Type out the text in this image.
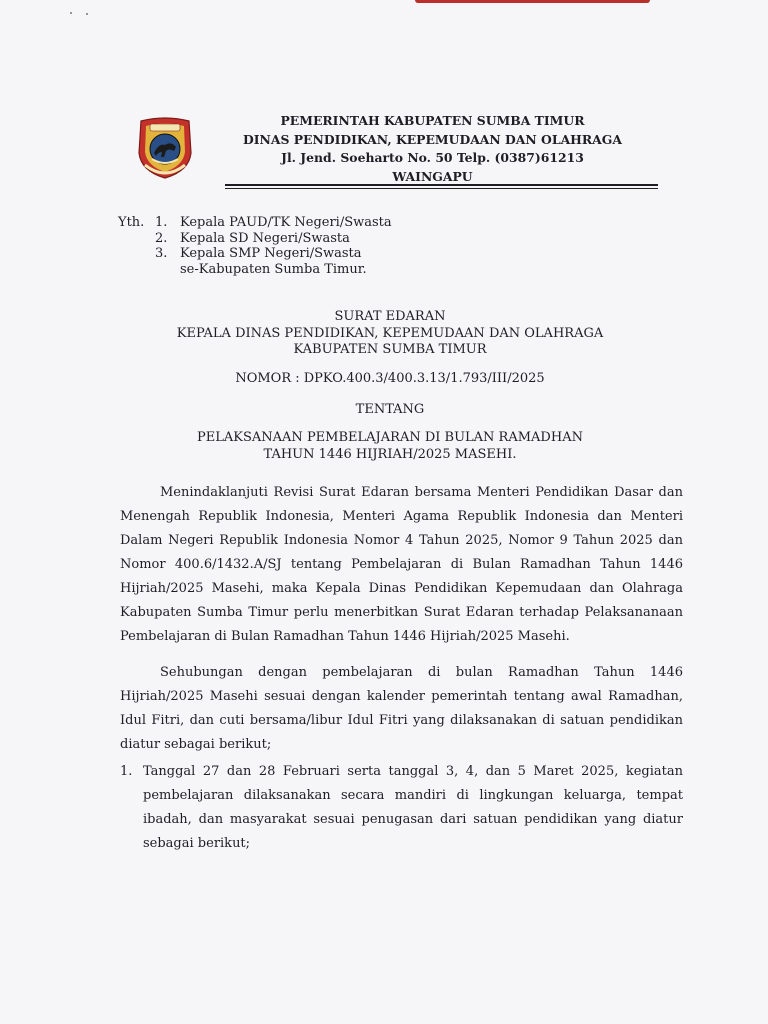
PEMERINTAH KABUPATEN SUMBA TIMUR
DINAS PENDIDIKAN, KEPEMUDAAN DAN OLAHRAGA
Jl. Jend. Soeharto No. 50 Telp. (0387)61213
WAINGAPU
Yth. 1. Kepala PAUD/TK Negeri/Swasta
2. Kepala SD Negeri/Swasta
3. Kepala SMP Negeri/Swasta
se-Kabupaten Sumba Timur.
SURAT EDARAN
KEPALA DINAS PENDIDIKAN, KEPEMUDAAN DAN OLAHRAGA
KABUPATEN SUMBA TIMUR
NOMOR : DPKO.400.3/400.3.13/1.793/III/2025
TENTANG
PELAKSANAAN PEMBELAJARAN DI BULAN RAMADHAN
TAHUN 1446 HIJRIAH/2025 MASEHI.

Menindaklanjuti Revisi Surat Edaran bersama Menteri Pendidikan Dasar dan Menengah Republik Indonesia, Menteri Agama Republik Indonesia dan Menteri Dalam Negeri Republik Indonesia Nomor 4 Tahun 2025, Nomor 9 Tahun 2025 dan Nomor 400.6/1432.A/SJ tentang Pembelajaran di Bulan Ramadhan Tahun 1446 Hijriah/2025 Masehi, maka Kepala Dinas Pendidikan Kepemudaan dan Olahraga Kabupaten Sumba Timur perlu menerbitkan Surat Edaran terhadap Pelaksananaan Pembelajaran di Bulan Ramadhan Tahun 1446 Hijriah/2025 Masehi.

Sehubungan dengan pembelajaran di bulan Ramadhan Tahun 1446 Hijriah/2025 Masehi sesuai dengan kalender pemerintah tentang awal Ramadhan, Idul Fitri, dan cuti bersama/libur Idul Fitri yang dilaksanakan di satuan pendidikan diatur sebagai berikut;

1. Tanggal 27 dan 28 Februari serta tanggal 3, 4, dan 5 Maret 2025, kegiatan pembelajaran dilaksanakan secara mandiri di lingkungan keluarga, tempat ibadah, dan masyarakat sesuai penugasan dari satuan pendidikan yang diatur sebagai berikut;
